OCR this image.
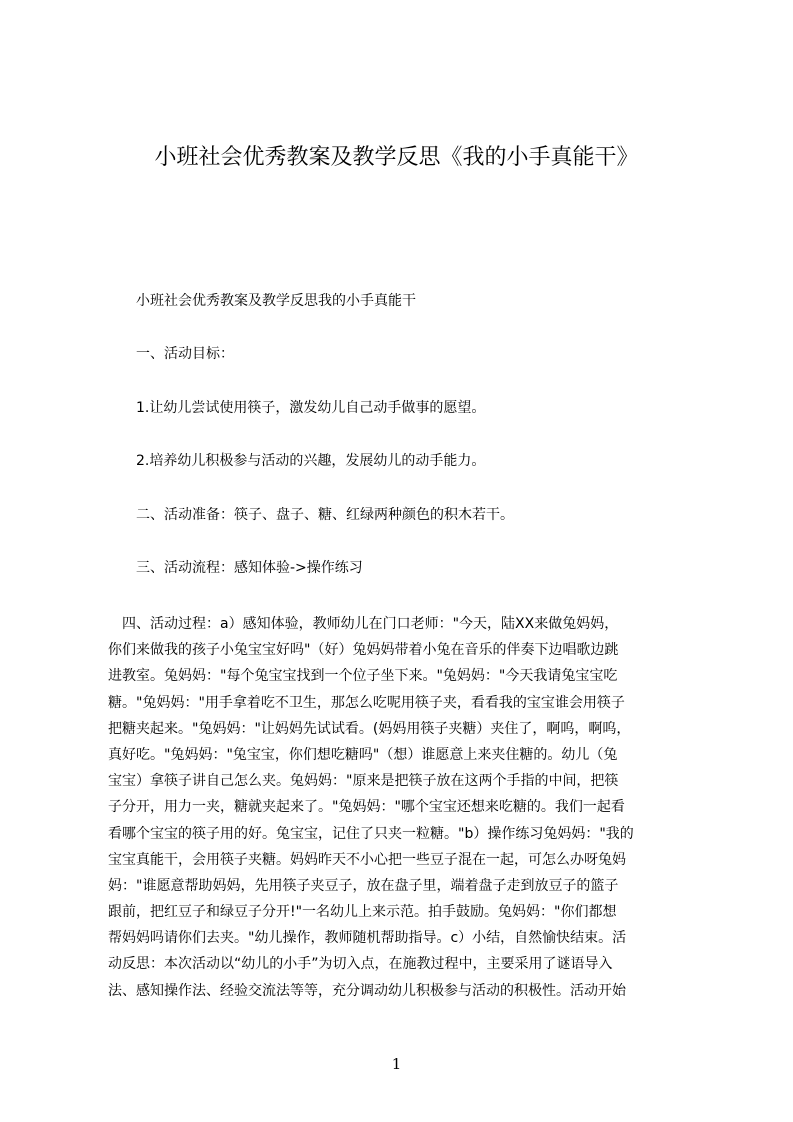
小班社会优秀教案及教学反思《我的小手真能干》

小班社会优秀教案及教学反思我的小手真能干

一、活动目标：

1.让幼儿尝试使用筷子，激发幼儿自己动手做事的愿望。

2.培养幼儿积极参与活动的兴趣，发展幼儿的动手能力。

二、活动准备：筷子、盘子、糖、红绿两种颜色的积木若干。

三、活动流程：感知体验->操作练习

　四、活动过程：a）感知体验，教师幼儿在门口老师："今天，陆XX来做兔妈妈，
你们来做我的孩子小兔宝宝好吗"（好）兔妈妈带着小兔在音乐的伴奏下边唱歌边跳
进教室。兔妈妈："每个兔宝宝找到一个位子坐下来。"兔妈妈："今天我请兔宝宝吃
糖。"兔妈妈："用手拿着吃不卫生，那怎么吃呢用筷子夹，看看我的宝宝谁会用筷子
把糖夹起来。"兔妈妈："让妈妈先试试看。(妈妈用筷子夹糖）夹住了，啊呜，啊呜，
真好吃。"兔妈妈："兔宝宝，你们想吃糖吗"（想）谁愿意上来夹住糖的。幼儿（兔
宝宝）拿筷子讲自己怎么夹。兔妈妈："原来是把筷子放在这两个手指的中间，把筷
子分开，用力一夹，糖就夹起来了。"兔妈妈："哪个宝宝还想来吃糖的。我们一起看
看哪个宝宝的筷子用的好。兔宝宝，记住了只夹一粒糖。"b）操作练习兔妈妈："我的
宝宝真能干，会用筷子夹糖。妈妈昨天不小心把一些豆子混在一起，可怎么办呀兔妈
妈："谁愿意帮助妈妈，先用筷子夹豆子，放在盘子里，端着盘子走到放豆子的篮子
跟前，把红豆子和绿豆子分开!"一名幼儿上来示范。拍手鼓励。兔妈妈："你们都想
帮妈妈吗请你们去夹。"幼儿操作，教师随机帮助指导。c）小结，自然愉快结束。活
动反思：本次活动以“幼儿的小手”为切入点，在施教过程中，主要采用了谜语导入
法、感知操作法、经验交流法等等，充分调动幼儿积极参与活动的积极性。活动开始

1
